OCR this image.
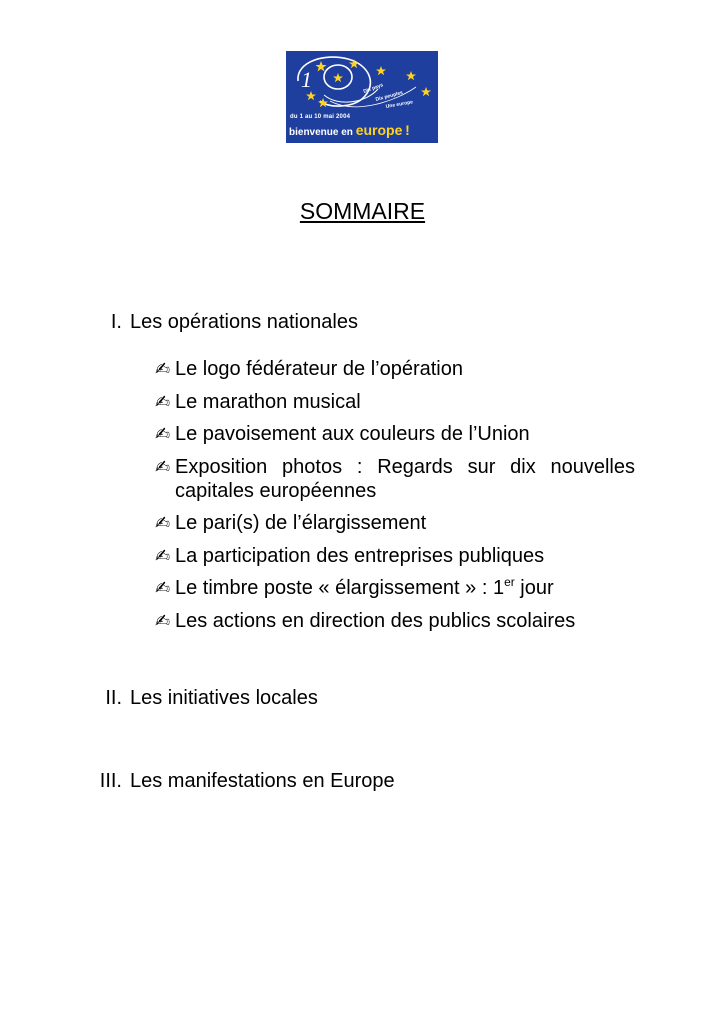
1	Dix pays
Dix peuples
Une europe
du 1 au 10 mai 2004
bienvenue en europe !
SOMMAIRE
I. Les opérations nationales
✍ Le logo fédérateur de l’opération
✍ Le marathon musical
✍ Le pavoisement aux couleurs de l’Union
✍ Exposition photos : Regards sur dix nouvelles
capitales européennes
✍ Le pari(s) de l’élargissement
✍ La participation des entreprises publiques
✍ Le timbre poste « élargissement » : 1er jour
✍ Les actions en direction des publics scolaires
II. Les initiatives locales
III. Les manifestations en Europe
